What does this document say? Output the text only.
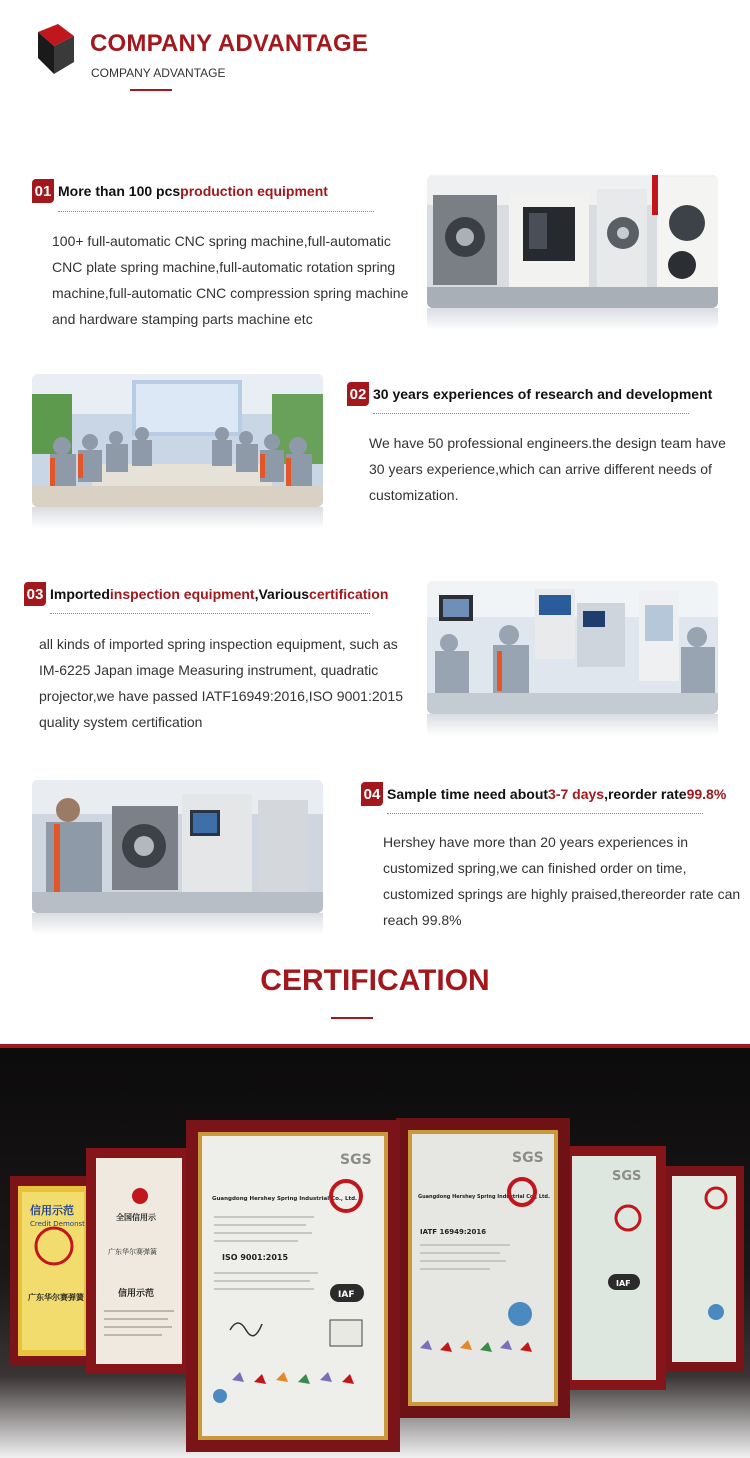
COMPANY ADVANTAGE
COMPANY ADVANTAGE
01 More than 100 pcs production equipment
100+ full-automatic CNC spring machine,full-automatic CNC plate spring machine,full-automatic rotation spring machine,full-automatic CNC compression spring machine and hardware stamping parts machine etc
02 30 years experiences of research and development
We have 50 professional engineers.the design team have 30 years experience,which can arrive different needs of customization.
03 Imported inspection equipment ,Various certification
all kinds of imported spring inspection equipment, such as IM-6225 Japan image Measuring instrument, quadratic projector,we have passed IATF16949:2016,ISO 9001:2015 quality system certification
04 Sample time need about 3-7 days ,reorder rate 99.8%
Hershey have more than 20 years experiences in customized spring,we can finished order on time, customized springs are highly praised,thereorder rate can reach 99.8%
CERTIFICATION
信用示范
Credit Demonst
广东华尔赛弹簧
全国信用示
广东华尔赛弹簧
信用示范
SGS
IAF
SGS
Guangdong Hershey Spring Industrial Co., Ltd.
IATF 16949:2016
SGS
Guangdong Hershey Spring Industrial Co., Ltd.
ISO 9001:2015
IAF
